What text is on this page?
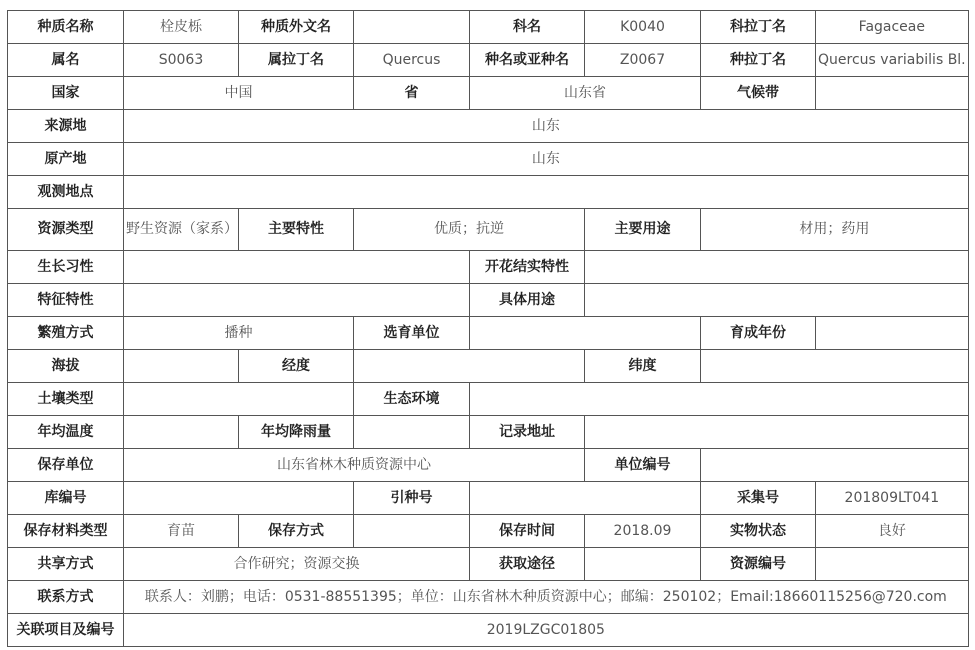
种质名称	栓皮栎	种质外文名		科名	K0040	科拉丁名	Fagaceae
属名	S0063	属拉丁名	Quercus	种名或亚种名	Z0067	种拉丁名	Quercus variabilis Bl.
国家	中国		省	山东省		气候带	
来源地	山东						
原产地	山东						
观测地点							
资源类型	野生资源（家系）	主要特性	优质；抗逆		主要用途	材用；药用	
生长习性				开花结实特性			
特征特性				具体用途			
繁殖方式	播种		选育单位			育成年份	
海拔		经度			纬度		
土壤类型			生态环境				
年均温度		年均降雨量		记录地址			
保存单位	山东省林木种质资源中心				单位编号		
库编号			引种号			采集号	201809LT041
保存材料类型	育苗	保存方式		保存时间	2018.09	实物状态	良好
共享方式	合作研究；资源交换			获取途径		资源编号	
联系方式	联系人：刘鹏；电话：0531-88551395；单位：山东省林木种质资源中心；邮编：250102；Email:18660115256@720.com						
关联项目及编号	2019LZGC01805						
